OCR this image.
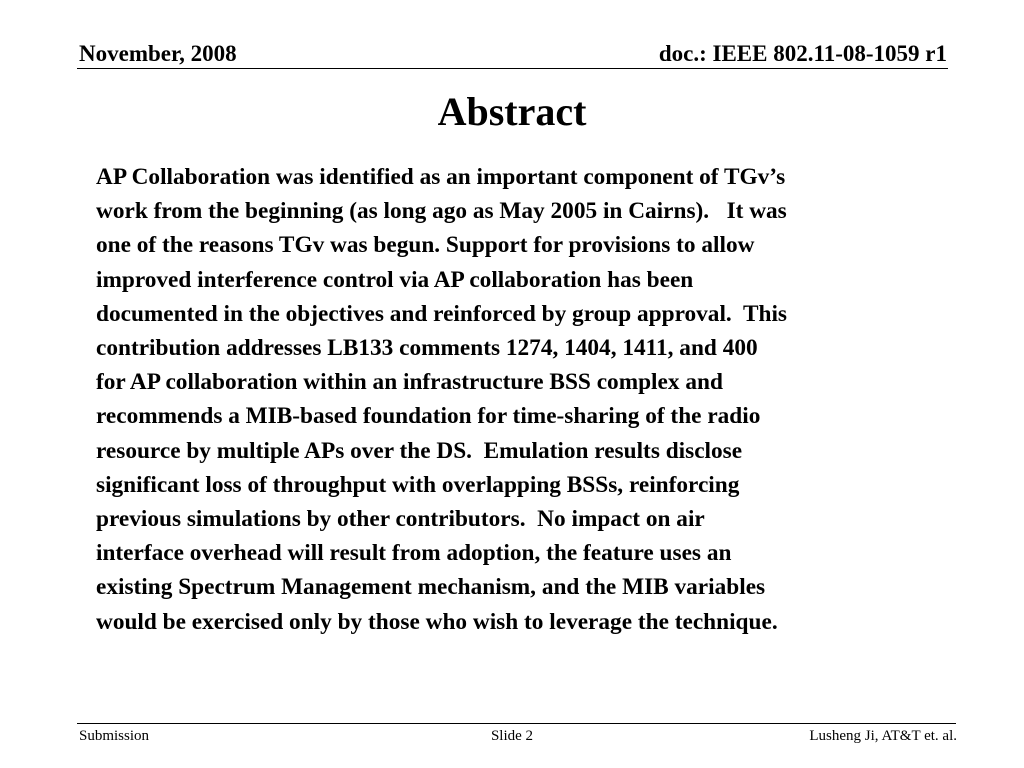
November, 2008	doc.: IEEE 802.11-08-1059 r1
Abstract
AP Collaboration was identified as an important component of TGv’s
work from the beginning (as long ago as May 2005 in Cairns).   It was
one of the reasons TGv was begun. Support for provisions to allow
improved interference control via AP collaboration has been
documented in the objectives and reinforced by group approval.  This
contribution addresses LB133 comments 1274, 1404, 1411, and 400
for AP collaboration within an infrastructure BSS complex and
recommends a MIB-based foundation for time-sharing of the radio
resource by multiple APs over the DS.  Emulation results disclose
significant loss of throughput with overlapping BSSs, reinforcing
previous simulations by other contributors.  No impact on air
interface overhead will result from adoption, the feature uses an
existing Spectrum Management mechanism, and the MIB variables
would be exercised only by those who wish to leverage the technique.
Submission	Slide 2	Lusheng Ji, AT&T et. al.
